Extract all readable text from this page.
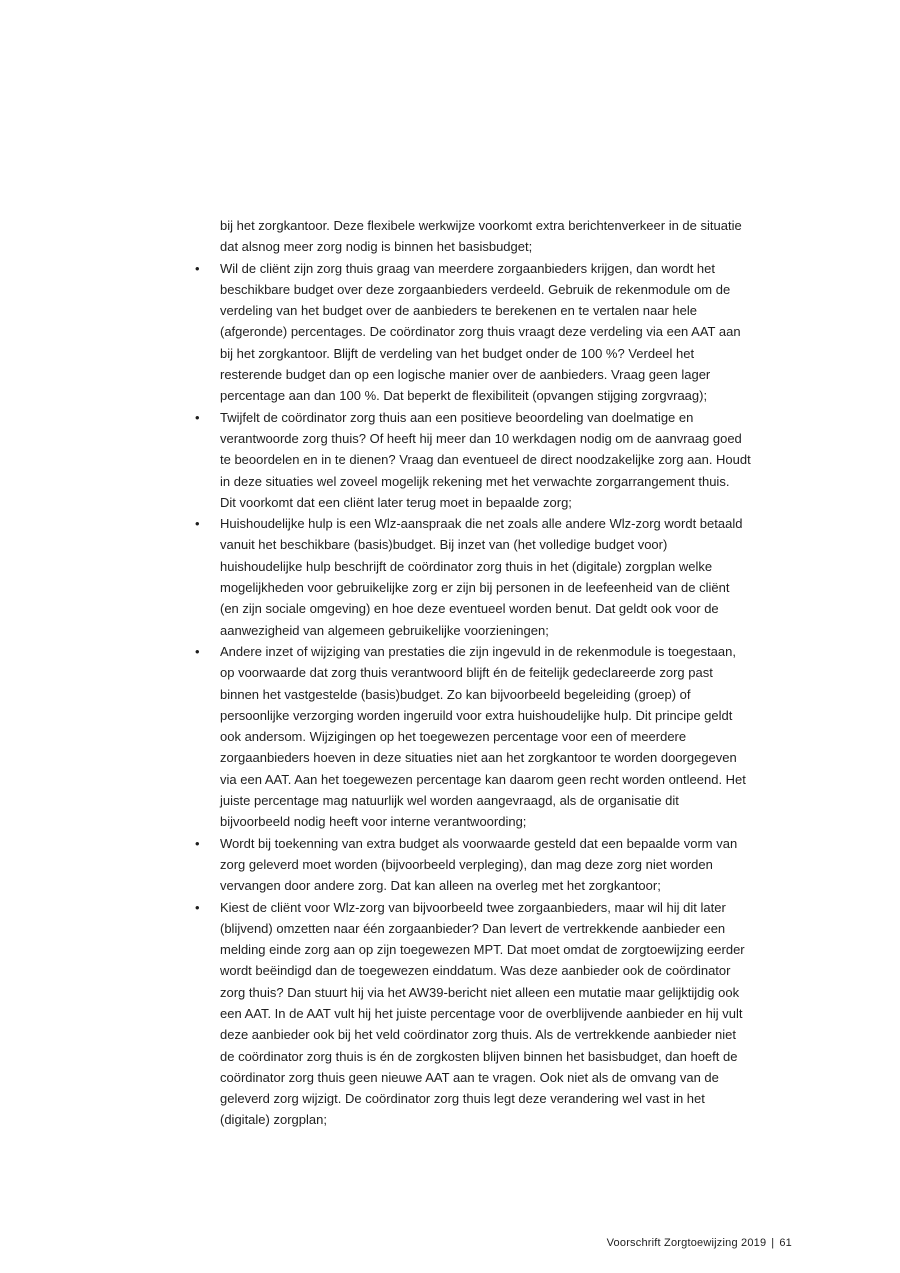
bij het zorgkantoor. Deze flexibele werkwijze voorkomt extra berichtenverkeer in de situatie
dat alsnog meer zorg nodig is binnen het basisbudget;
•	Wil de cliënt zijn zorg thuis graag van meerdere zorgaanbieders krijgen, dan wordt het
beschikbare budget over deze zorgaanbieders verdeeld. Gebruik de rekenmodule om de
verdeling van het budget over de aanbieders te berekenen en te vertalen naar hele
(afgeronde) percentages. De coördinator zorg thuis vraagt deze verdeling via een AAT aan
bij het zorgkantoor. Blijft de verdeling van het budget onder de 100 %? Verdeel het
resterende budget dan op een logische manier over de aanbieders. Vraag geen lager
percentage aan dan 100 %. Dat beperkt de flexibiliteit (opvangen stijging zorgvraag);
•	Twijfelt de coördinator zorg thuis aan een positieve beoordeling van doelmatige en
verantwoorde zorg thuis? Of heeft hij meer dan 10 werkdagen nodig om de aanvraag goed
te beoordelen en in te dienen? Vraag dan eventueel de direct noodzakelijke zorg aan. Houdt
in deze situaties wel zoveel mogelijk rekening met het verwachte zorgarrangement thuis.
Dit voorkomt dat een cliënt later terug moet in bepaalde zorg;
•	Huishoudelijke hulp is een Wlz-aanspraak die net zoals alle andere Wlz-zorg wordt betaald
vanuit het beschikbare (basis)budget. Bij inzet van (het volledige budget voor)
huishoudelijke hulp beschrijft de coördinator zorg thuis in het (digitale) zorgplan welke
mogelijkheden voor gebruikelijke zorg er zijn bij personen in de leefeenheid van de cliënt
(en zijn sociale omgeving) en hoe deze eventueel worden benut. Dat geldt ook voor de
aanwezigheid van algemeen gebruikelijke voorzieningen;
•	Andere inzet of wijziging van prestaties die zijn ingevuld in de rekenmodule is toegestaan,
op voorwaarde dat zorg thuis verantwoord blijft én de feitelijk gedeclareerde zorg past
binnen het vastgestelde (basis)budget. Zo kan bijvoorbeeld begeleiding (groep) of
persoonlijke verzorging worden ingeruild voor extra huishoudelijke hulp. Dit principe geldt
ook andersom. Wijzigingen op het toegewezen percentage voor een of meerdere
zorgaanbieders hoeven in deze situaties niet aan het zorgkantoor te worden doorgegeven
via een AAT. Aan het toegewezen percentage kan daarom geen recht worden ontleend. Het
juiste percentage mag natuurlijk wel worden aangevraagd, als de organisatie dit
bijvoorbeeld nodig heeft voor interne verantwoording;
•	Wordt bij toekenning van extra budget als voorwaarde gesteld dat een bepaalde vorm van
zorg geleverd moet worden (bijvoorbeeld verpleging), dan mag deze zorg niet worden
vervangen door andere zorg. Dat kan alleen na overleg met het zorgkantoor;
•	Kiest de cliënt voor Wlz-zorg van bijvoorbeeld twee zorgaanbieders, maar wil hij dit later
(blijvend) omzetten naar één zorgaanbieder? Dan levert de vertrekkende aanbieder een
melding einde zorg aan op zijn toegewezen MPT. Dat moet omdat de zorgtoewijzing eerder
wordt beëindigd dan de toegewezen einddatum. Was deze aanbieder ook de coördinator
zorg thuis? Dan stuurt hij via het AW39-bericht niet alleen een mutatie maar gelijktijdig ook
een AAT. In de AAT vult hij het juiste percentage voor de overblijvende aanbieder en hij vult
deze aanbieder ook bij het veld coördinator zorg thuis. Als de vertrekkende aanbieder niet
de coördinator zorg thuis is én de zorgkosten blijven binnen het basisbudget, dan hoeft de
coördinator zorg thuis geen nieuwe AAT aan te vragen. Ook niet als de omvang van de
geleverd zorg wijzigt. De coördinator zorg thuis legt deze verandering wel vast in het
(digitale) zorgplan;

Voorschrift Zorgtoewijzing 2019 | 61
